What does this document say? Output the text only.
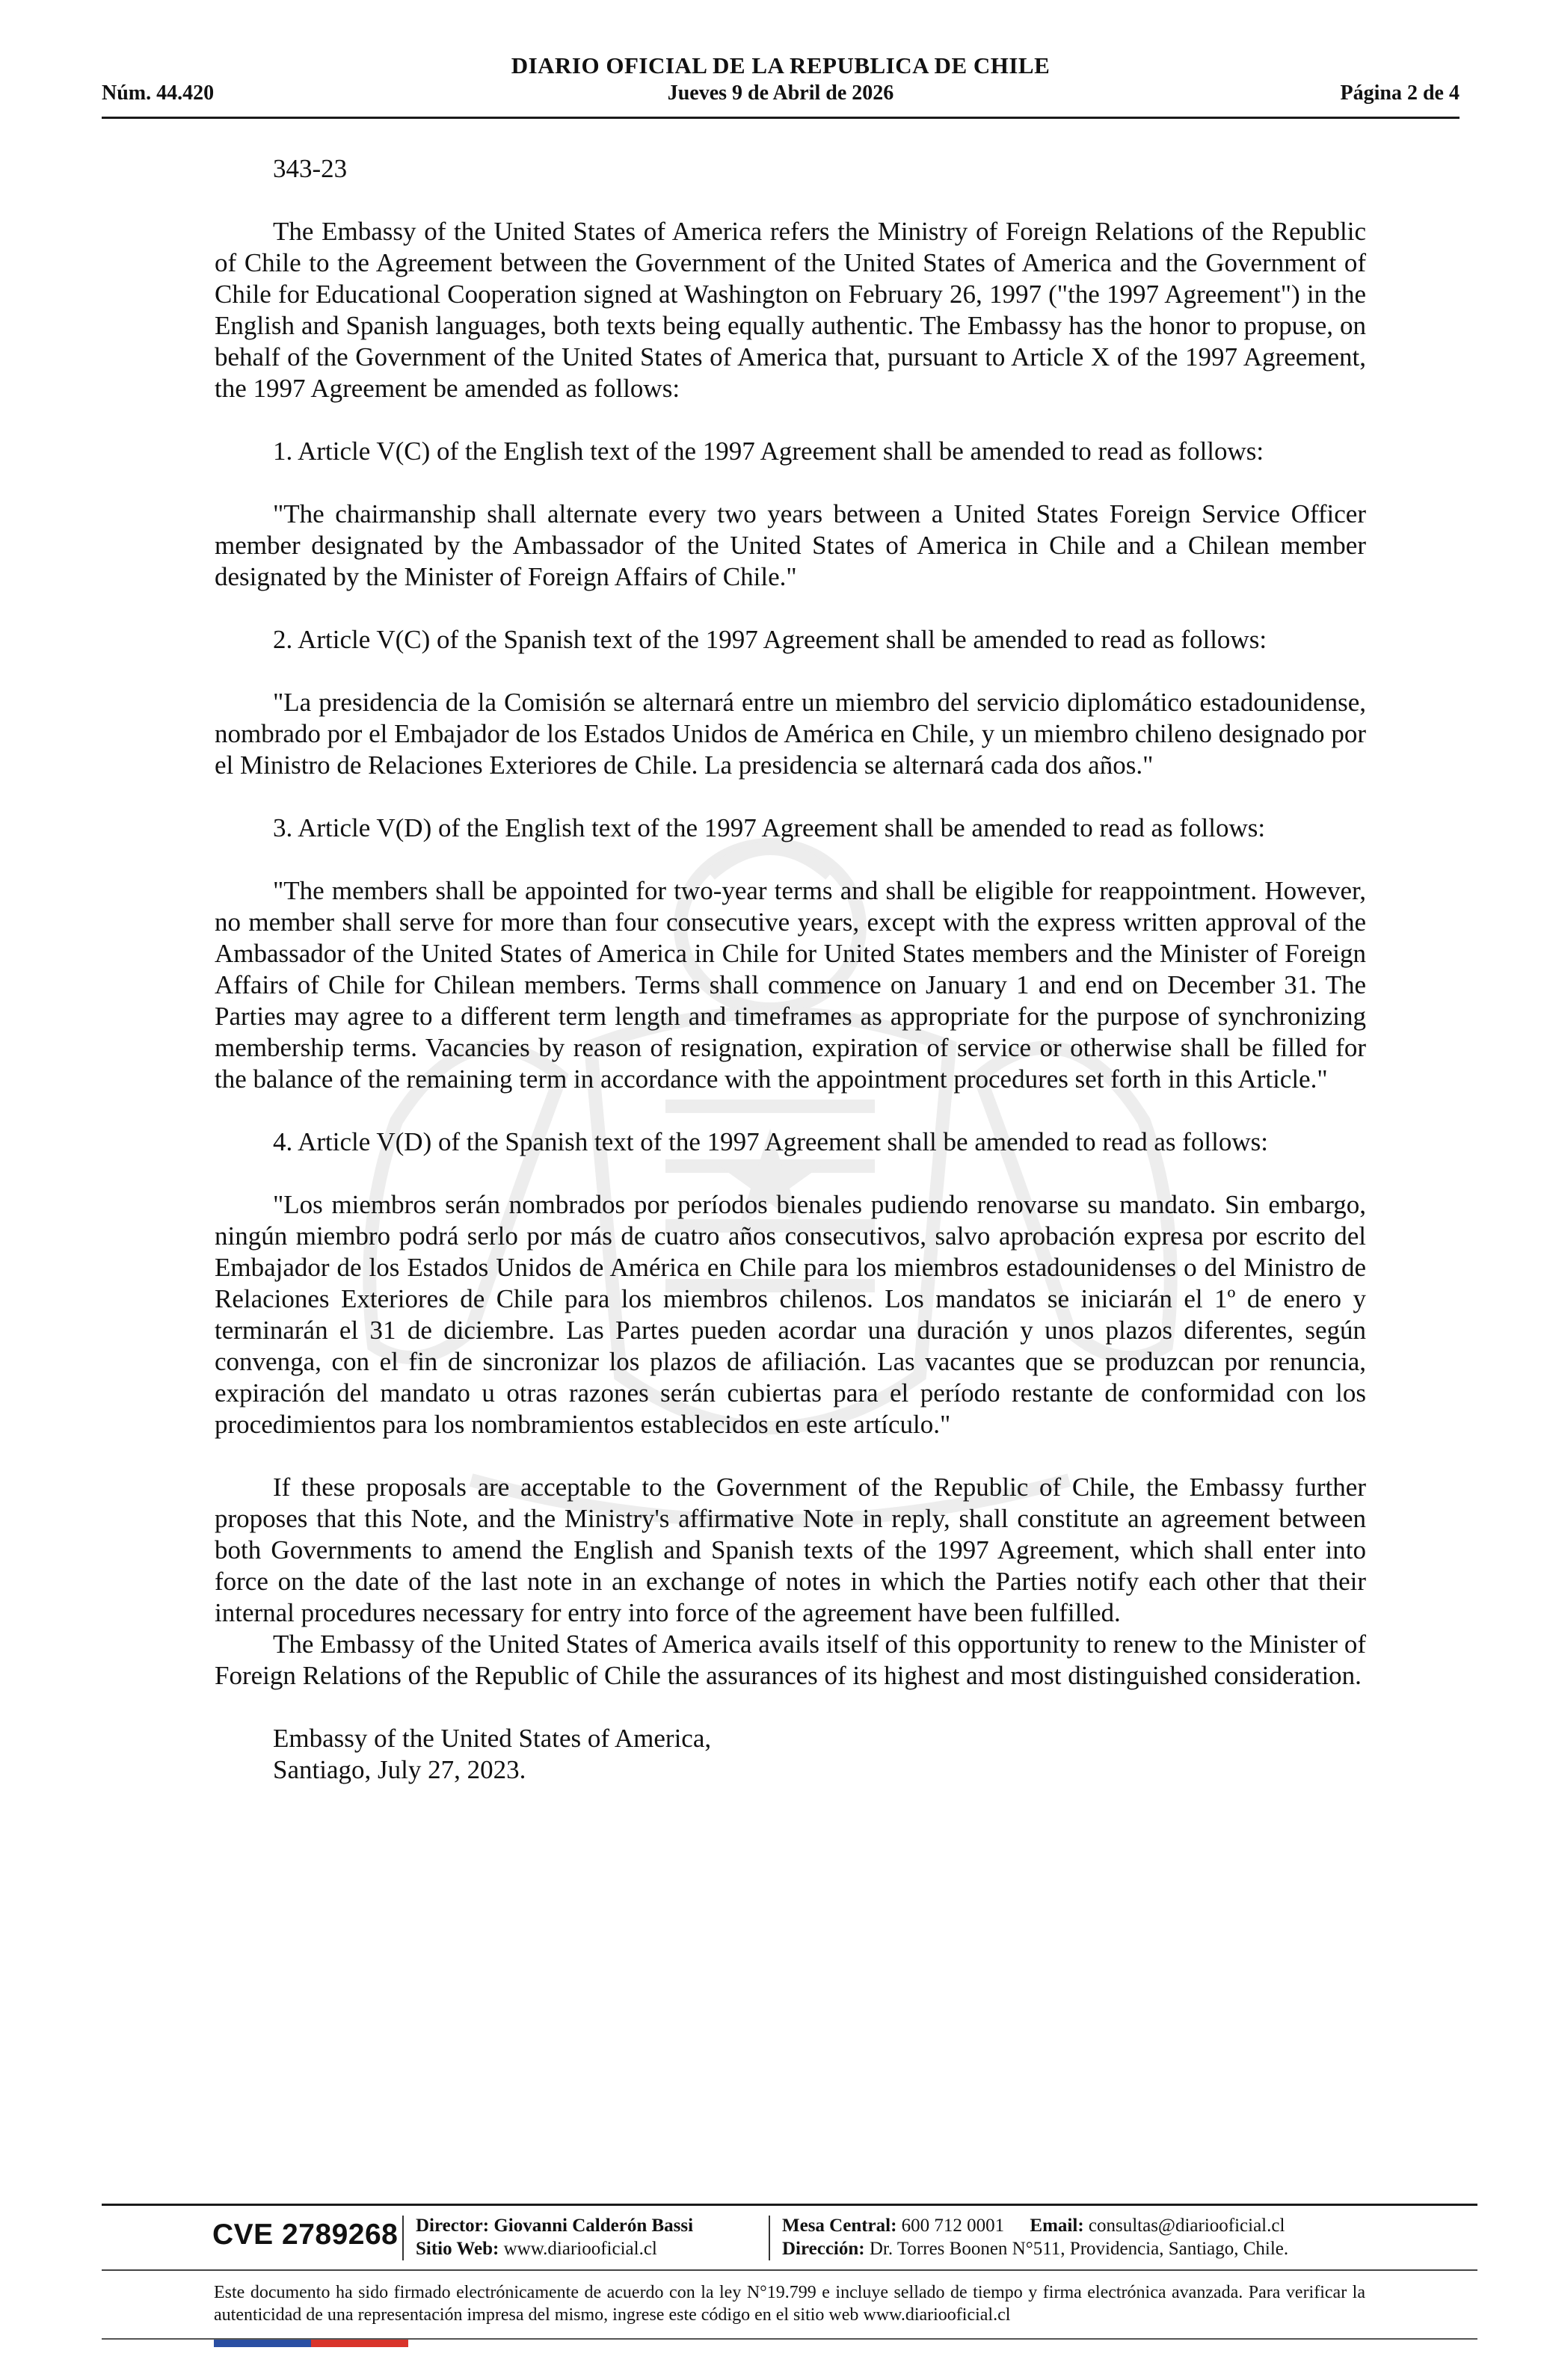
DIARIO OFICIAL DE LA REPUBLICA DE CHILE
Núm. 44.420	Jueves 9 de Abril de 2026	Página 2 de 4
343-23

The Embassy of the United States of America refers the Ministry of Foreign Relations of the Republic of Chile to the Agreement between the Government of the United States of America and the Government of Chile for Educational Cooperation signed at Washington on February 26, 1997 ("the 1997 Agreement") in the English and Spanish languages, both texts being equally authentic. The Embassy has the honor to propuse, on behalf of the Government of the United States of America that, pursuant to Article X of the 1997 Agreement, the 1997 Agreement be amended as follows:

1. Article V(C) of the English text of the 1997 Agreement shall be amended to read as follows:

"The chairmanship shall alternate every two years between a United States Foreign Service Officer member designated by the Ambassador of the United States of America in Chile and a Chilean member designated by the Minister of Foreign Affairs of Chile."

2. Article V(C) of the Spanish text of the 1997 Agreement shall be amended to read as follows:

"La presidencia de la Comisión se alternará entre un miembro del servicio diplomático estadounidense, nombrado por el Embajador de los Estados Unidos de América en Chile, y un miembro chileno designado por el Ministro de Relaciones Exteriores de Chile. La presidencia se alternará cada dos años."

3. Article V(D) of the English text of the 1997 Agreement shall be amended to read as follows:

"The members shall be appointed for two-year terms and shall be eligible for reappointment. However, no member shall serve for more than four consecutive years, except with the express written approval of the Ambassador of the United States of America in Chile for United States members and the Minister of Foreign Affairs of Chile for Chilean members. Terms shall commence on January 1 and end on December 31. The Parties may agree to a different term length and timeframes as appropriate for the purpose of synchronizing membership terms. Vacancies by reason of resignation, expiration of service or otherwise shall be filled for the balance of the remaining term in accordance with the appointment procedures set forth in this Article."

4. Article V(D) of the Spanish text of the 1997 Agreement shall be amended to read as follows:

"Los miembros serán nombrados por períodos bienales pudiendo renovarse su mandato. Sin embargo, ningún miembro podrá serlo por más de cuatro años consecutivos, salvo aprobación expresa por escrito del Embajador de los Estados Unidos de América en Chile para los miembros estadounidenses o del Ministro de Relaciones Exteriores de Chile para los miembros chilenos. Los mandatos se iniciarán el 1º de enero y terminarán el 31 de diciembre. Las Partes pueden acordar una duración y unos plazos diferentes, según convenga, con el fin de sincronizar los plazos de afiliación. Las vacantes que se produzcan por renuncia, expiración del mandato u otras razones serán cubiertas para el período restante de conformidad con los procedimientos para los nombramientos establecidos en este artículo."

If these proposals are acceptable to the Government of the Republic of Chile, the Embassy further proposes that this Note, and the Ministry's affirmative Note in reply, shall constitute an agreement between both Governments to amend the English and Spanish texts of the 1997 Agreement, which shall enter into force on the date of the last note in an exchange of notes in which the Parties notify each other that their internal procedures necessary for entry into force of the agreement have been fulfilled.

The Embassy of the United States of America avails itself of this opportunity to renew to the Minister of Foreign Relations of the Republic of Chile the assurances of its highest and most distinguished consideration.

Embassy of the United States of America,
Santiago, July 27, 2023.
CVE 2789268 Director: Giovanni Calderón Bassi
Sitio Web: www.diariooficial.cl
Mesa Central: 600 712 0001 Email: consultas@diariooficial.cl
Dirección: Dr. Torres Boonen N°511, Providencia, Santiago, Chile.
Este documento ha sido firmado electrónicamente de acuerdo con la ley N°19.799 e incluye sellado de tiempo y firma electrónica avanzada. Para verificar la autenticidad de una representación impresa del mismo, ingrese este código en el sitio web www.diariooficial.cl
